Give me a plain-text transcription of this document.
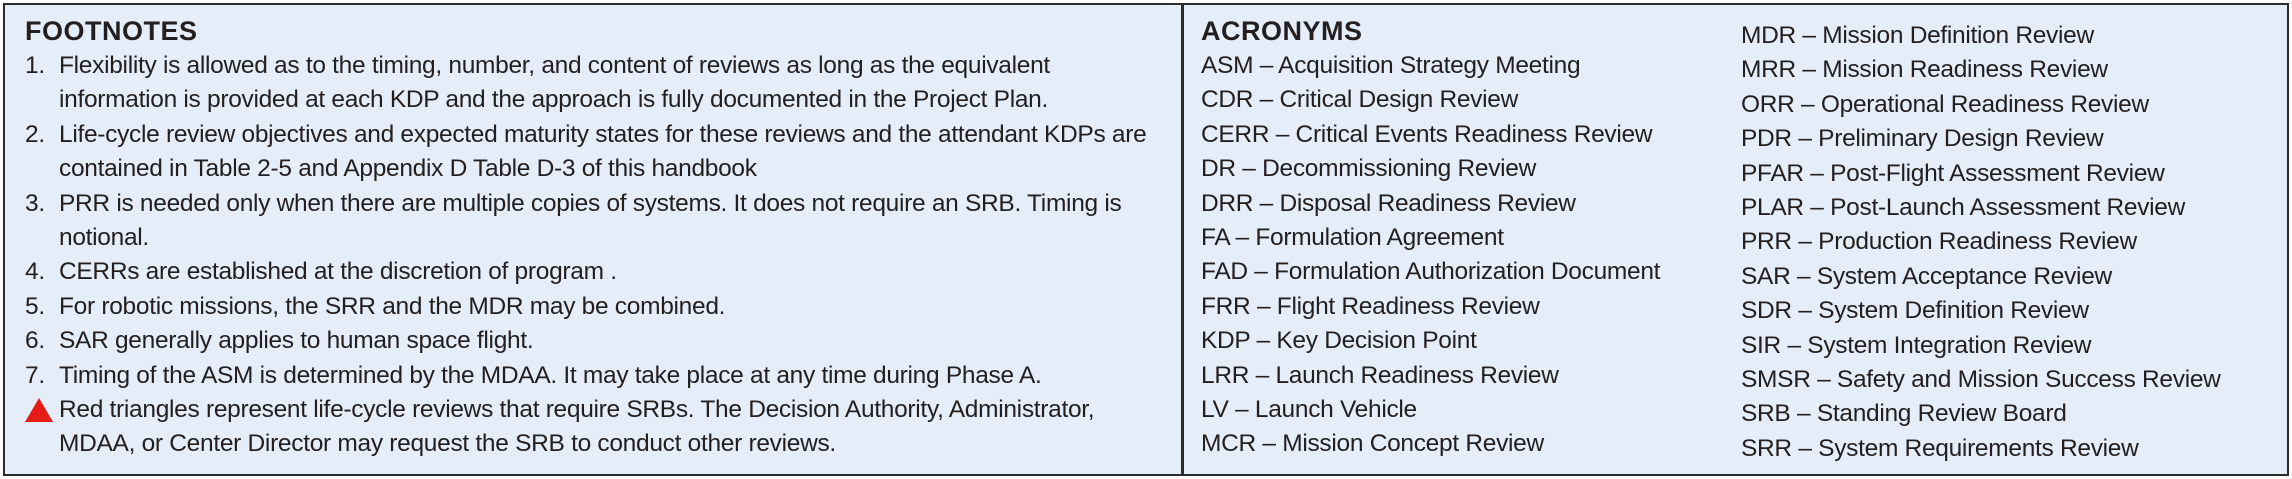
FOOTNOTES
1. Flexibility is allowed as to the timing, number, and content of reviews as long as the equivalent information is provided at each KDP and the approach is fully documented in the Project Plan.
2. Life-cycle review objectives and expected maturity states for these reviews and the attendant KDPs are contained in Table 2-5 and Appendix D Table D-3 of this handbook
3. PRR is needed only when there are multiple copies of systems. It does not require an SRB. Timing is notional.
4. CERRs are established at the discretion of program .
5. For robotic missions, the SRR and the MDR may be combined.
6. SAR generally applies to human space flight.
7. Timing of the ASM is determined by the MDAA. It may take place at any time during Phase A.
Red triangles represent life-cycle reviews that require SRBs. The Decision Authority, Administrator, MDAA, or Center Director may request the SRB to conduct other reviews.
ACRONYMS
ASM – Acquisition Strategy Meeting
CDR – Critical Design Review
CERR – Critical Events Readiness Review
DR – Decommissioning Review
DRR – Disposal Readiness Review
FA – Formulation Agreement
FAD – Formulation Authorization Document
FRR – Flight Readiness Review
KDP – Key Decision Point
LRR – Launch Readiness Review
LV – Launch Vehicle
MCR – Mission Concept Review
MDR – Mission Definition Review
MRR – Mission Readiness Review
ORR – Operational Readiness Review
PDR – Preliminary Design Review
PFAR – Post-Flight Assessment Review
PLAR – Post-Launch Assessment Review
PRR – Production Readiness Review
SAR – System Acceptance Review
SDR – System Definition Review
SIR – System Integration Review
SMSR – Safety and Mission Success Review
SRB – Standing Review Board
SRR – System Requirements Review
